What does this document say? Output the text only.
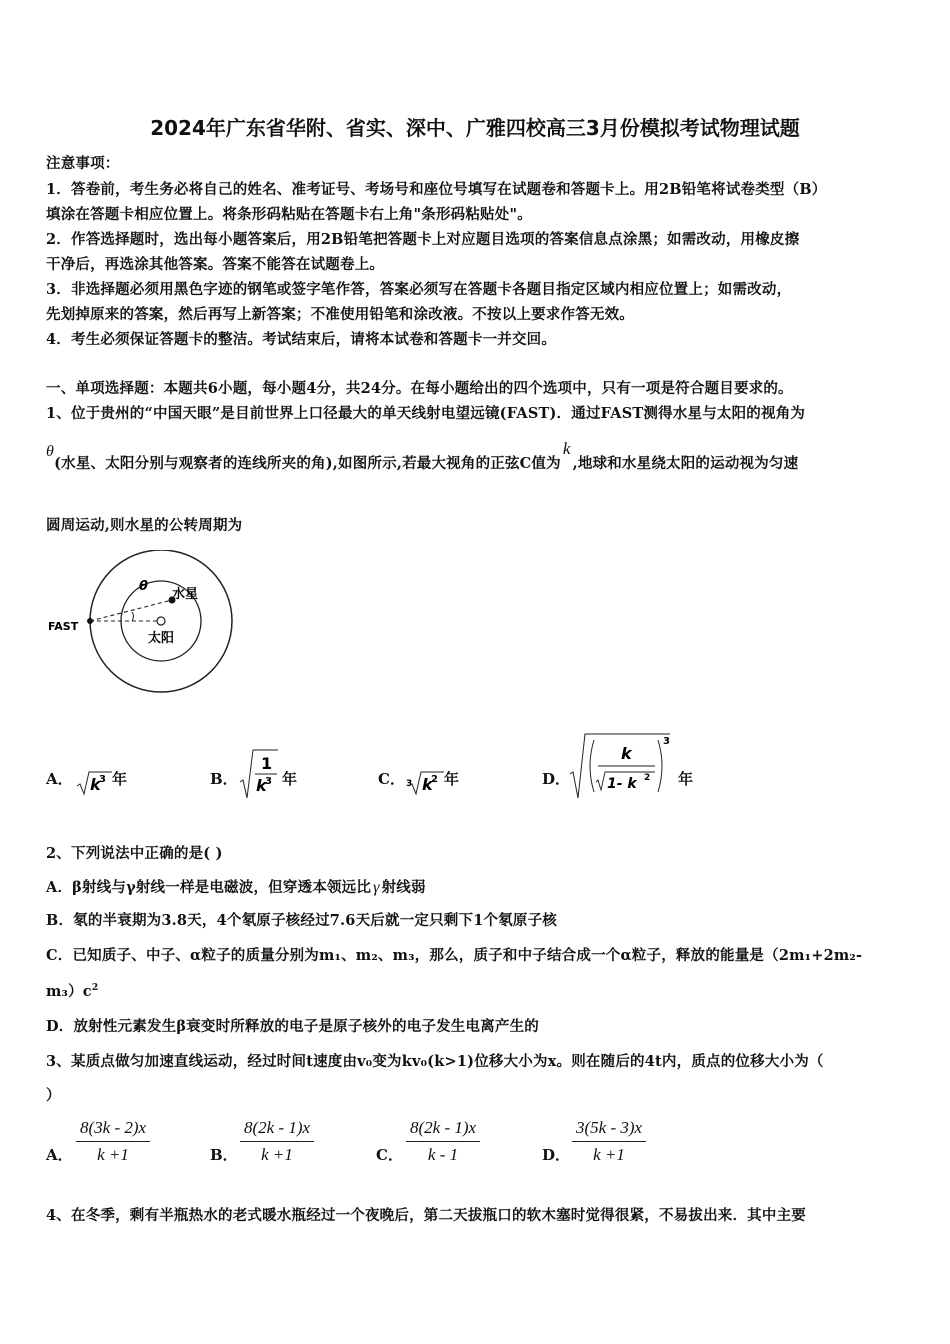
2024年广东省华附、省实、深中、广雅四校高三3月份模拟考试物理试题
注意事项：
1．答卷前，考生务必将自己的姓名、准考证号、考场号和座位号填写在试题卷和答题卡上。用2B铅笔将试卷类型（B）
填涂在答题卡相应位置上。将条形码粘贴在答题卡右上角"条形码粘贴处"。
2．作答选择题时，选出每小题答案后，用2B铅笔把答题卡上对应题目选项的答案信息点涂黑；如需改动，用橡皮擦
干净后，再选涂其他答案。答案不能答在试题卷上。
3．非选择题必须用黑色字迹的钢笔或签字笔作答，答案必须写在答题卡各题目指定区域内相应位置上；如需改动，
先划掉原来的答案，然后再写上新答案；不准使用铅笔和涂改液。不按以上要求作答无效。
4．考生必须保证答题卡的整洁。考试结束后，请将本试卷和答题卡一并交回。
一、单项选择题：本题共6小题，每小题4分，共24分。在每小题给出的四个选项中，只有一项是符合题目要求的。
1、位于贵州的“中国天眼”是目前世界上口径最大的单天线射电望远镜(FAST)．通过FAST测得水星与太阳的视角为
θ(水星、太阳分别与观察者的连线所夹的角),如图所示,若最大视角的正弦C值为k,地球和水星绕太阳的运动视为匀速
圆周运动,则水星的公转周期为
FAST
θ
水星
太阳
A． k
3 年	B．
1
k
3 年	C． 3 k
2 年	D．
k
1- k 2
3
年
2、下列说法中正确的是( )
A．β射线与γ射线一样是电磁波，但穿透本领远比 γ 射线弱
B．氡的半衰期为3.8天，4个氡原子核经过7.6天后就一定只剩下1个氡原子核
C．已知质子、中子、α粒子的质量分别为m₁、m₂、m₃，那么，质子和中子结合成一个α粒子，释放的能量是（2m₁+2m₂-
$m_3)c^2$
D．放射性元素发生β衰变时所释放的电子是原子核外的电子发生电离产生的
3、某质点做匀加速直线运动，经过时间t速度由v₀变为kv₀(k>1)位移大小为x。则在随后的4t内，质点的位移大小为（
）
A． $\frac{8(3k - 2)x}{k +1}$	B． $\frac{8(2k - 1)x}{k +1}$	C． $\frac{8(2k - 1)x}{k - 1}$	D． $\frac{3(5k - 3)x}{k +1}$
4、在冬季，剩有半瓶热水的老式暖水瓶经过一个夜晚后，第二天拔瓶口的软木塞时觉得很紧，不易拔出来．其中主要
